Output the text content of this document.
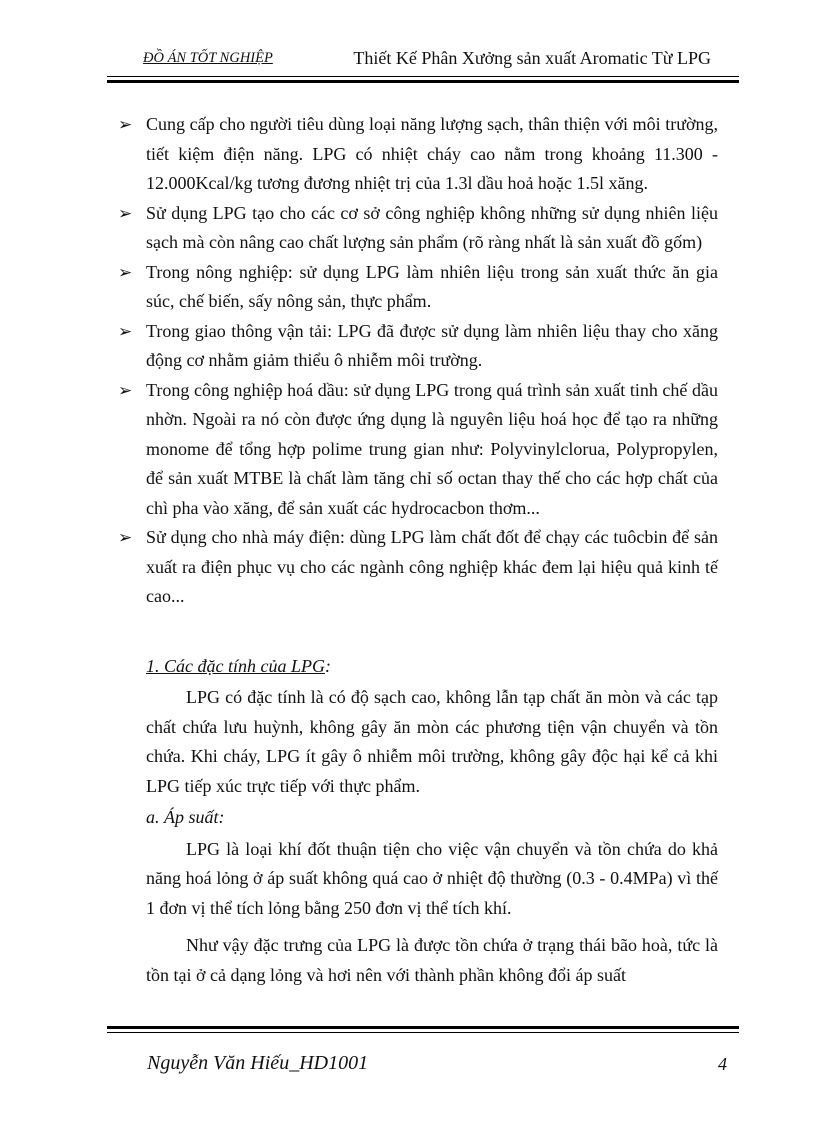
ĐỒ ÁN TỐT NGHIỆP	Thiết Kế Phân Xưởng sản xuất Aromatic Từ LPG
➢ Cung cấp cho người tiêu dùng loại năng lượng sạch, thân thiện với môi trường, tiết kiệm điện năng. LPG có nhiệt cháy cao nằm trong khoảng 11.300 - 12.000Kcal/kg tương đương nhiệt trị của 1.3l dầu hoả hoặc 1.5l xăng.
➢ Sử dụng LPG tạo cho các cơ sở công nghiệp không những sử dụng nhiên liệu sạch mà còn nâng cao chất lượng sản phẩm (rõ ràng nhất là sản xuất đồ gốm)
➢ Trong nông nghiệp: sử dụng LPG làm nhiên liệu trong sản xuất thức ăn gia súc, chế biến, sấy nông sản, thực phẩm.
➢ Trong giao thông vận tải: LPG đã được sử dụng làm nhiên liệu thay cho xăng động cơ nhằm giảm thiểu ô nhiễm môi trường.
➢ Trong công nghiệp hoá dầu: sử dụng LPG trong quá trình sản xuất tinh chế dầu nhờn. Ngoài ra nó còn được ứng dụng là nguyên liệu hoá học để tạo ra những monome để tổng hợp polime trung gian như: Polyvinylclorua, Polypropylen, để sản xuất MTBE là chất làm tăng chỉ số octan thay thế cho các hợp chất của chì pha vào xăng, để sản xuất các hydrocacbon thơm...
➢ Sử dụng cho nhà máy điện: dùng LPG làm chất đốt để chạy các tuôcbin để sản xuất ra điện phục vụ cho các ngành công nghiệp khác đem lại hiệu quả kinh tế cao...
1. Các đặc tính của LPG:
LPG có đặc tính là có độ sạch cao, không lẫn tạp chất ăn mòn và các tạp chất chứa lưu huỳnh, không gây ăn mòn các phương tiện vận chuyển và tồn chứa. Khi cháy, LPG ít gây ô nhiễm môi trường, không gây độc hại kể cả khi LPG tiếp xúc trực tiếp với thực phẩm.
a. Áp suất:
LPG là loại khí đốt thuận tiện cho việc vận chuyển và tồn chứa do khả năng hoá lỏng ở áp suất không quá cao ở nhiệt độ thường (0.3 - 0.4MPa) vì thế 1 đơn vị thể tích lỏng bằng 250 đơn vị thể tích khí.
Như vậy đặc trưng của LPG là được tồn chứa ở trạng thái bão hoà, tức là tồn tại ở cả dạng lỏng và hơi nên với thành phần không đổi áp suất
Nguyễn Văn Hiếu_HD1001	4
